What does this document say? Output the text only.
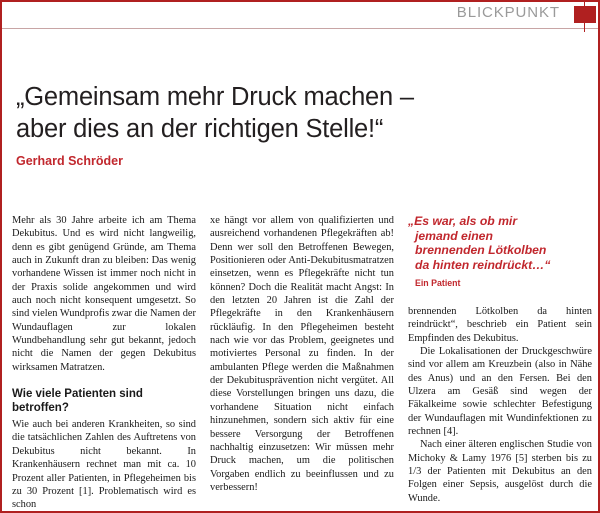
BLICKPUNKT
„Gemeinsam mehr Druck machen –
aber dies an der richtigen Stelle!“
Gerhard Schröder

Mehr als 30 Jahre arbeite ich am Thema Dekubitus. Und es wird nicht langweilig, denn es gibt genügend Gründe, am Thema auch in Zukunft dran zu bleiben: Das wenig vorhandene Wissen ist immer noch nicht in der Praxis solide angekommen und wird auch noch nicht konsequent umgesetzt. So sind vielen Wundprofis zwar die Namen der Wundauflagen zur lokalen Wundbehandlung sehr gut bekannt, jedoch nicht die Namen der gegen Dekubitus wirksamen Matratzen.

Wie viele Patienten sind betroffen?

Wie auch bei anderen Krankheiten, so sind die tatsächlichen Zahlen des Auftretens von Dekubitus nicht bekannt. In Krankenhäusern rechnet man mit ca. 10 Prozent aller Patienten, in Pflegeheimen bis zu 30 Prozent [1]. Problematisch wird es schon

xe hängt vor allem von qualifizierten und ausreichend vorhandenen Pflegekräften ab! Denn wer soll den Betroffenen Bewegen, Positionieren oder Anti-Dekubitusmatratzen einsetzen, wenn es Pflegekräfte nicht tun können? Doch die Realität macht Angst: In den letzten 20 Jahren ist die Zahl der Pflegekräfte in den Krankenhäusern rückläufig. In den Pflegeheimen besteht nach wie vor das Problem, geeignetes und motiviertes Personal zu finden. In der ambulanten Pflege werden die Maßnahmen der Dekubitusprävention nicht vergütet. All diese Vorstellungen bringen uns dazu, die vorhandene Situation nicht einfach hinzunehmen, sondern sich aktiv für eine bessere Versorgung der Betroffenen nachhaltig einzusetzen: Wir müssen mehr Druck machen, um die politischen Vorgaben endlich zu beeinflussen und zu verbessern!

„Es war, als ob mir
jemand einen
brennenden Lötkolben
da hinten reindrückt…“
Ein Patient

brennenden Lötkolben da hinten reindrückt“, beschrieb ein Patient sein Empfinden des Dekubitus.

Die Lokalisationen der Druckgeschwüre sind vor allem am Kreuzbein (also in Nähe des Anus) und an den Fersen. Bei den Ulzera am Gesäß sind wegen der Fäkalkeime sowie schlechter Befestigung der Wundauflagen mit Wundinfektionen zu rechnen [4].

Nach einer älteren englischen Studie von Michoky & Lamy 1976 [5] sterben bis zu 1/3 der Patienten mit Dekubitus an den Folgen einer Sepsis, ausgelöst durch die Wunde.
